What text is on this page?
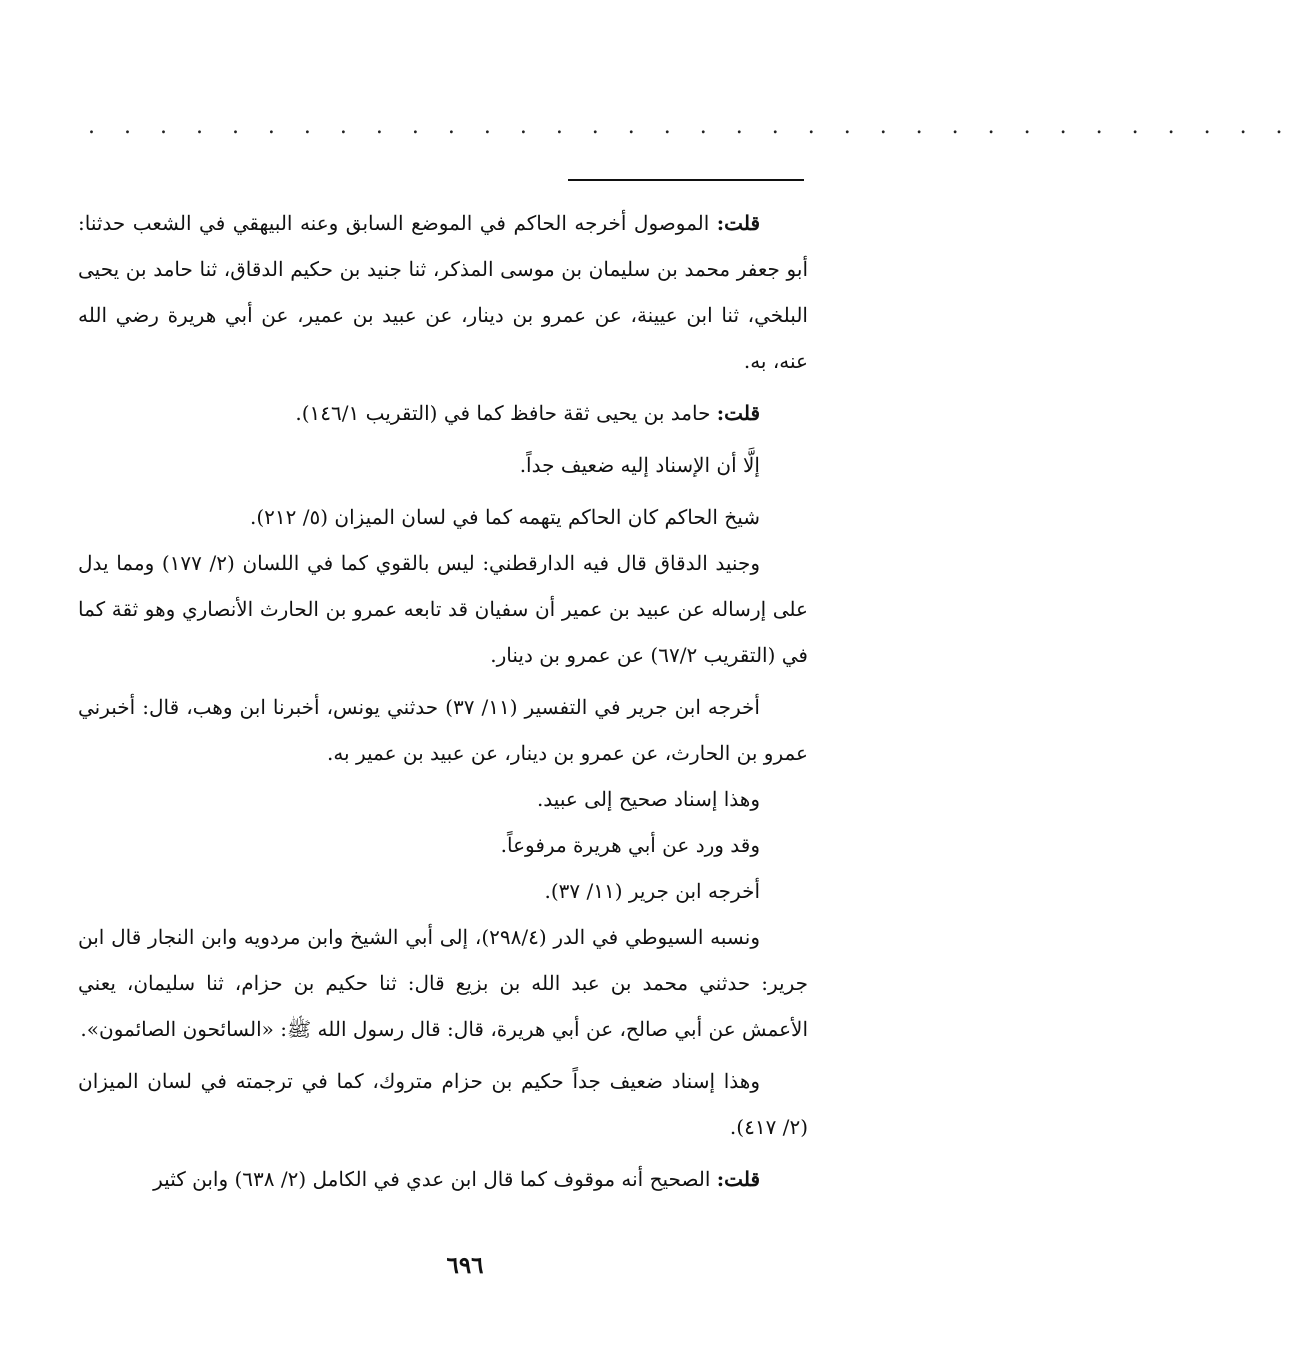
. . . . . . . . . . . . . . . . . . . . . . . . . . . . . . . . . .

قلت: الموصول أخرجه الحاكم في الموضع السابق وعنه البيهقي في الشعب حدثنا: أبو جعفر محمد بن سليمان بن موسى المذكر، ثنا جنيد بن حكيم الدقاق، ثنا حامد بن يحيى البلخي، ثنا ابن عيينة، عن عمرو بن دينار، عن عبيد بن عمير، عن أبي هريرة رضي الله عنه، به.

قلت: حامد بن يحيى ثقة حافظ كما في (التقريب ١٤٦/١).

إلَّا أن الإسناد إليه ضعيف جداً.

شيخ الحاكم كان الحاكم يتهمه كما في لسان الميزان (٥/ ٢١٢).

وجنيد الدقاق قال فيه الدارقطني: ليس بالقوي كما في اللسان (٢/ ١٧٧) ومما يدل على إرساله عن عبيد بن عمير أن سفيان قد تابعه عمرو بن الحارث الأنصاري وهو ثقة كما في (التقريب ٦٧/٢) عن عمرو بن دينار.

أخرجه ابن جرير في التفسير (١١/ ٣٧) حدثني يونس، أخبرنا ابن وهب، قال: أخبرني عمرو بن الحارث، عن عمرو بن دينار، عن عبيد بن عمير به.

وهذا إسناد صحيح إلى عبيد.

وقد ورد عن أبي هريرة مرفوعاً.

أخرجه ابن جرير (١١/ ٣٧).

ونسبه السيوطي في الدر (٢٩٨/٤)، إلى أبي الشيخ وابن مردويه وابن النجار قال ابن جرير: حدثني محمد بن عبد الله بن بزيع قال: ثنا حكيم بن حزام، ثنا سليمان، يعني الأعمش عن أبي صالح، عن أبي هريرة، قال: قال رسول الله ﷺ: «السائحون الصائمون».

وهذا إسناد ضعيف جداً حكيم بن حزام متروك، كما في ترجمته في لسان الميزان (٢/ ٤١٧).

قلت: الصحيح أنه موقوف كما قال ابن عدي في الكامل (٢/ ٦٣٨) وابن كثير

٦٩٦
